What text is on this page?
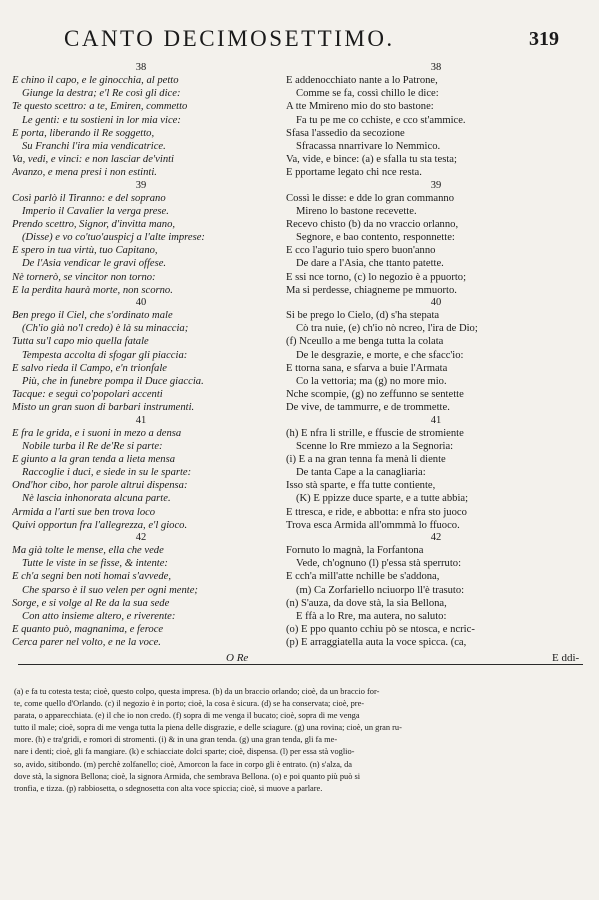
CANTO DECIMOSETTIMO.	319
38
E chino il capo, e le ginocchia, al petto
Giunge la destra; e'l Re così gli dice:
Te questo scettro: a te, Emiren, commetto
Le genti: e tu sostieni in lor mia vice:
E porta, liberando il Re soggetto,
Su Franchi l'ira mia vendicatrice.
Va, vedi, e vinci: e non lasciar de'vinti
Avanzo, e mena presi i non estinti.
39
Così parlò il Tiranno: e del soprano
Imperio il Cavalier la verga prese.
Prendo scettro, Signor, d'invitta mano,
(Disse) e vo co'tuo'auspicj a l'alte imprese:
E spero in tua virtù, tuo Capitano,
De l'Asia vendicar le gravi offese.
Nè tornerò, se vincitor non torno:
E la perdita haurà morte, non scorno.
40
Ben prego il Ciel, che s'ordinato male
(Ch'io già no'l credo) è là su minaccia;
Tutta su'l capo mio quella fatale
Tempesta accolta di sfogar gli piaccia:
E salvo rieda il Campo, e'n trionfale
Più, che in funebre pompa il Duce giaccia.
Tacque: e seguì co'popolari accenti
Misto un gran suon di barbari instrumenti.
41
E fra le grida, e i suoni in mezo a densa
Nobile turba il Re de'Re si parte:
E giunto a la gran tenda a lieta mensa
Raccoglie i duci, e siede in su le sparte:
Ond'hor cibo, hor parole altrui dispensa:
Nè lascia inhonorata alcuna parte.
Armida a l'arti sue ben trova loco
Quivi opportun fra l'allegrezza, e'l gioco.
42
Ma già tolte le mense, ella che vede
Tutte le viste in se fisse, & intente:
E ch'a segni ben noti homai s'avvede,
Che sparso è il suo velen per ogni mente;
Sorge, e si volge al Re da la sua sede
Con atto insieme altero, e riverente:
E quanto può, magnanima, e feroce
Cerca parer nel volto, e ne la voce.
38
E addenocchiato nante a lo Patrone,
Comme se fa, cossì chillo le dice:
A tte Mmireno mio do sto bastone:
Fa tu pe me co cchiste, e cco st'ammice.
Sfasa l'assedio da secozione
Sfracassa nnarrivare lo Nemmico.
Va, vide, e bince: (a) e sfalla tu sta testa;
E pportame legato chi nce resta.
39
Cossì le disse: e dde lo gran commanno
Mireno lo bastone recevette.
Recevo chisto (b) da no vraccio orlanno,
Segnore, e bao contento, responnette:
E cco l'agurio tuio spero buon'anno
De dare a l'Asia, che ttanto patette.
E ssi nce torno, (c) lo negozio è a ppuorto;
Ma si perdesse, chiagneme pe mmuorto.
40
Si be prego lo Cielo, (d) s'ha stepata
Cò tra nuie, (e) ch'io nò ncreo, l'ira de Dio;
(f) Nceullo a me benga tutta la colata
De le desgrazie, e morte, e che sfacc'io:
E ttorna sana, e sfarva a buie l'Armata
Co la vettoria; ma (g) no more mio.
Nche scompie, (g) no zeffunno se sentette
De vive, de tammurre, e de trommette.
41
(h) E nfra li strille, e ffuscie de stromiente
Scenne lo Rre mmiezo a la Segnoria:
(i) E a na gran tenna fa menà li diente
De tanta Cape a la canagliaria:
Isso stà sparte, e ffa tutte contiente,
(K) E ppizze duce sparte, e a tutte abbia;
E ttresca, e ride, e abbotta: e nfra sto juoco
Trova esca Armida all'ommmà lo ffuoco.
42
Fornuto lo magnà, la Forfantona
Vede, ch'ognuno (l) p'essa stà sperruto:
E cch'a mill'atte nchille be s'addona,
(m) Ca Zorfariello nciuorpo ll'è trasuto:
(n) S'auza, da dove stà, la sia Bellona,
E ffà a lo Rre, ma autera, no saluto:
(o) E ppo quanto cchiu pò se ntosca, e ncric-
(p) E arraggiatella auta la voce spicca. (ca,
O Re	E ddi-
(a) e fa tu cotesta testa; cioè, questo colpo, questa impresa. (b) da un braccio orlando; cioè, da un braccio for-
te, come quello d'Orlando. (c) il negozio è in porto; cioè, la cosa è sicura. (d) se ha conservata; cioè, pre-
parata, o apparecchiata. (e) il che io non credo. (f) sopra di me venga il bucato; cioè, sopra di me venga
tutto il male; cioè, sopra di me venga tutta la piena delle disgrazie, e delle sciagure. (g) una rovina; cioè, un gran ru-
more. (h) e tra'gridi, e romori di stromenti. (i) & in una gran tenda. (g) una gran tenda, gli fa me-
nare i denti; cioè, gli fa mangiare. (k) e schiacciate dolci sparte; cioè, dispensa. (l) per essa stà voglio-
so, avido, sitibondo. (m) perchè zolfanello; cioè, Amorcon la face in corpo gli è entrato. (n) s'alza, da
dove stà, la signora Bellona; cioè, la signora Armida, che sembrava Bellona. (o) e poi quanto più può si
tronfia, e tizza. (p) rabbiosetta, o sdegnosetta con alta voce spiccia; cioè, si muove a parlare.
